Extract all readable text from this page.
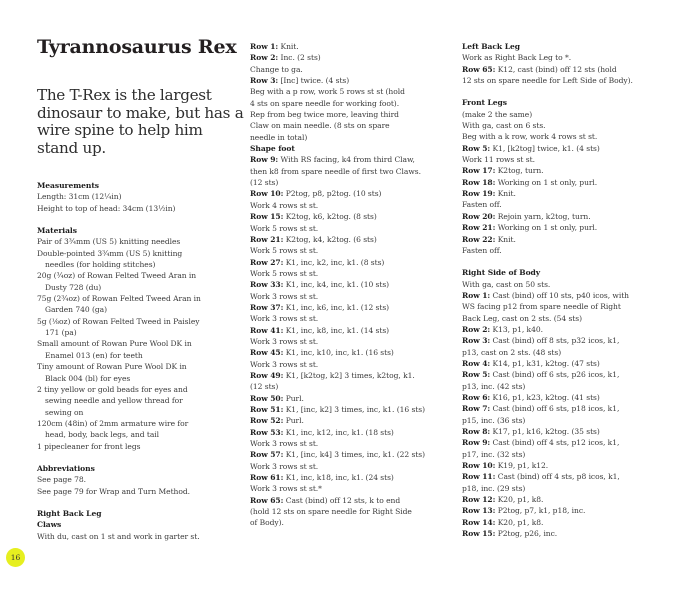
Tyrannosaurus Rex
The T-Rex is the largest dinosaur to make, but has a wire spine to help him stand up.
Measurements
Length: 31cm (12¼in)
Height to top of head: 34cm (13½in)
Materials
Pair of 3¾mm (US 5) knitting needles
Double-pointed 3¾mm (US 5) knitting
needles (for holding stitches)
20g (¾oz) of Rowan Felted Tweed Aran in
Dusty 728 (du)
75g (2¾oz) of Rowan Felted Tweed Aran in
Garden 740 (ga)
5g (⅛oz) of Rowan Felted Tweed in Paisley
171 (pa)
Small amount of Rowan Pure Wool DK in
Enamel 013 (en) for teeth
Tiny amount of Rowan Pure Wool DK in
Black 004 (bl) for eyes
2 tiny yellow or gold beads for eyes and
sewing needle and yellow thread for
sewing on
120cm (48in) of 2mm armature wire for
head, body, back legs, and tail
1 pipecleaner for front legs
Abbreviations
See page 78.
See page 79 for Wrap and Turn Method.
Right Back Leg
Claws
With du, cast on 1 st and work in garter st.
Row 1: Knit.
Row 2: Inc. (2 sts)
Change to ga.
Row 3: [Inc] twice. (4 sts)
Beg with a p row, work 5 rows st st (hold
4 sts on spare needle for working foot).
Rep from beg twice more, leaving third
Claw on main needle. (8 sts on spare
needle in total)
Shape foot
Row 9: With RS facing, k4 from third Claw,
then k8 from spare needle of first two Claws.
(12 sts)
Row 10: P2tog, p8, p2tog. (10 sts)
Work 4 rows st st.
Row 15: K2tog, k6, k2tog. (8 sts)
Work 5 rows st st.
Row 21: K2tog, k4, k2tog. (6 sts)
Work 5 rows st st.
Row 27: K1, inc, k2, inc, k1. (8 sts)
Work 5 rows st st.
Row 33: K1, inc, k4, inc, k1. (10 sts)
Work 3 rows st st.
Row 37: K1, inc, k6, inc, k1. (12 sts)
Work 3 rows st st.
Row 41: K1, inc, k8, inc, k1. (14 sts)
Work 3 rows st st.
Row 45: K1, inc, k10, inc, k1. (16 sts)
Work 3 rows st st.
Row 49: K1, [k2tog, k2] 3 times, k2tog, k1.
(12 sts)
Row 50: Purl.
Row 51: K1, [inc, k2] 3 times, inc, k1. (16 sts)
Row 52: Purl.
Row 53: K1, inc, k12, inc, k1. (18 sts)
Work 3 rows st st.
Row 57: K1, [inc, k4] 3 times, inc, k1. (22 sts)
Work 3 rows st st.
Row 61: K1, inc, k18, inc, k1. (24 sts)
Work 3 rows st st.*
Row 65: Cast (bind) off 12 sts, k to end
(hold 12 sts on spare needle for Right Side
of Body).
Left Back Leg
Work as Right Back Leg to *.
Row 65: K12, cast (bind) off 12 sts (hold
12 sts on spare needle for Left Side of Body).
Front Legs
(make 2 the same)
With ga, cast on 6 sts.
Beg with a k row, work 4 rows st st.
Row 5: K1, [k2tog] twice, k1. (4 sts)
Work 11 rows st st.
Row 17: K2tog, turn.
Row 18: Working on 1 st only, purl.
Row 19: Knit.
Fasten off.
Row 20: Rejoin yarn, k2tog, turn.
Row 21: Working on 1 st only, purl.
Row 22: Knit.
Fasten off.
Right Side of Body
With ga, cast on 50 sts.
Row 1: Cast (bind) off 10 sts, p40 icos, with
WS facing p12 from spare needle of Right
Back Leg, cast on 2 sts. (54 sts)
Row 2: K13, p1, k40.
Row 3: Cast (bind) off 8 sts, p32 icos, k1,
p13, cast on 2 sts. (48 sts)
Row 4: K14, p1, k31, k2tog. (47 sts)
Row 5: Cast (bind) off 6 sts, p26 icos, k1,
p13, inc. (42 sts)
Row 6: K16, p1, k23, k2tog. (41 sts)
Row 7: Cast (bind) off 6 sts, p18 icos, k1,
p15, inc. (36 sts)
Row 8: K17, p1, k16, k2tog. (35 sts)
Row 9: Cast (bind) off 4 sts, p12 icos, k1,
p17, inc. (32 sts)
Row 10: K19, p1, k12.
Row 11: Cast (bind) off 4 sts, p8 icos, k1,
p18, inc. (29 sts)
Row 12: K20, p1, k8.
Row 13: P2tog, p7, k1, p18, inc.
Row 14: K20, p1, k8.
Row 15: P2tog, p26, inc.
16
